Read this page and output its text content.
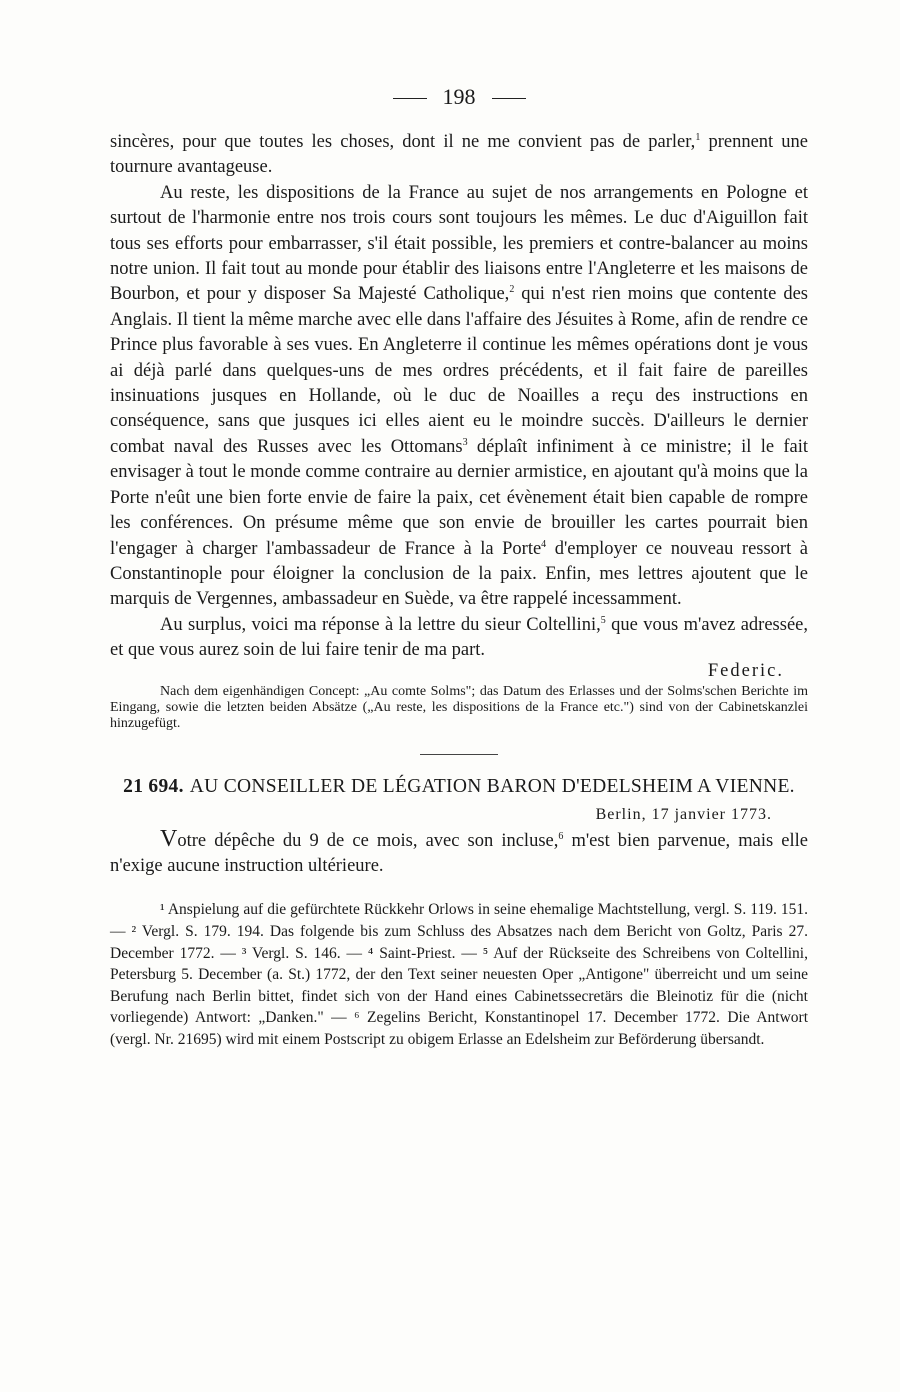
198

sincères, pour que toutes les choses, dont il ne me convient pas de parler,$^1$ prennent une tournure avantageuse.

Au reste, les dispositions de la France au sujet de nos arrangements en Pologne et surtout de l'harmonie entre nos trois cours sont toujours les mêmes. Le duc d'Aiguillon fait tous ses efforts pour embarrasser, s'il était possible, les premiers et contre-balancer au moins notre union. Il fait tout au monde pour établir des liaisons entre l'Angleterre et les maisons de Bourbon, et pour y disposer Sa Majesté Catholique,$^2$ qui n'est rien moins que contente des Anglais. Il tient la même marche avec elle dans l'affaire des Jésuites à Rome, afin de rendre ce Prince plus favorable à ses vues. En Angleterre il continue les mêmes opérations dont je vous ai déjà parlé dans quelques-uns de mes ordres précédents, et il fait faire de pareilles insinuations jusques en Hollande, où le duc de Noailles a reçu des instructions en conséquence, sans que jusques ici elles aient eu le moindre succès. D'ailleurs le dernier combat naval des Russes avec les Ottomans$^3$ déplaît infiniment à ce ministre; il le fait envisager à tout le monde comme contraire au dernier armistice, en ajoutant qu'à moins que la Porte n'eût une bien forte envie de faire la paix, cet évènement était bien capable de rompre les conférences. On présume même que son envie de brouiller les cartes pourrait bien l'engager à charger l'ambassadeur de France à la Porte$^4$ d'employer ce nouveau ressort à Constantinople pour éloigner la conclusion de la paix. Enfin, mes lettres ajoutent que le marquis de Vergennes, ambassadeur en Suède, va être rappelé incessamment.

Au surplus, voici ma réponse à la lettre du sieur Coltellini,$^5$ que vous m'avez adressée, et que vous aurez soin de lui faire tenir de ma part.

Federic.
Nach dem eigenhändigen Concept: „Au comte Solms"; das Datum des Erlasses und der Solms'schen Berichte im Eingang, sowie die letzten beiden Absätze („Au reste, les dispositions de la France etc.") sind von der Cabinetskanzlei hinzugefügt.
21 694. AU CONSEILLER DE LÉGATION BARON D'EDELSHEIM A VIENNE.
Berlin, 17 janvier 1773.

Votre dépêche du 9 de ce mois, avec son incluse,$^6$ m'est bien parvenue, mais elle n'exige aucune instruction ultérieure.

¹ Anspielung auf die gefürchtete Rückkehr Orlows in seine ehemalige Machtstellung, vergl. S. 119. 151. — ² Vergl. S. 179. 194. Das folgende bis zum Schluss des Absatzes nach dem Bericht von Goltz, Paris 27. December 1772. — ³ Vergl. S. 146. — ⁴ Saint-Priest. — ⁵ Auf der Rückseite des Schreibens von Coltellini, Petersburg 5. December (a. St.) 1772, der den Text seiner neuesten Oper „Antigone" überreicht und um seine Berufung nach Berlin bittet, findet sich von der Hand eines Cabinetssecretärs die Bleinotiz für die (nicht vorliegende) Antwort: „Danken." — ⁶ Zegelins Bericht, Konstantinopel 17. December 1772. Die Antwort (vergl. Nr. 21695) wird mit einem Postscript zu obigem Erlasse an Edelsheim zur Beförderung übersandt.
